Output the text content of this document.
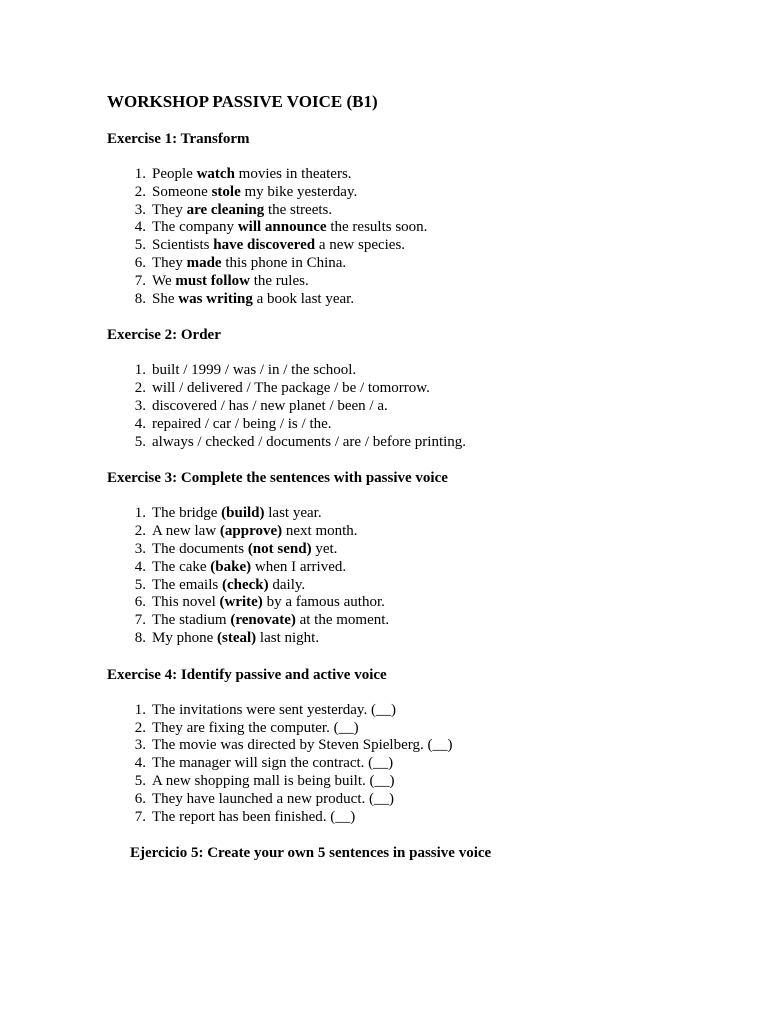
WORKSHOP PASSIVE VOICE (B1)
Exercise 1: Transform
1. People watch movies in theaters.
2. Someone stole my bike yesterday.
3. They are cleaning the streets.
4. The company will announce the results soon.
5. Scientists have discovered a new species.
6. They made this phone in China.
7. We must follow the rules.
8. She was writing a book last year.
Exercise 2: Order
1. built / 1999 / was / in / the school.
2. will / delivered / The package / be / tomorrow.
3. discovered / has / new planet / been / a.
4. repaired / car / being / is / the.
5. always / checked / documents / are / before printing.
Exercise 3: Complete the sentences with passive voice
1. The bridge (build) last year.
2. A new law (approve) next month.
3. The documents (not send) yet.
4. The cake (bake) when I arrived.
5. The emails (check) daily.
6. This novel (write) by a famous author.
7. The stadium (renovate) at the moment.
8. My phone (steal) last night.
Exercise 4: Identify passive and active voice
1. The invitations were sent yesterday. (__)
2. They are fixing the computer. (__)
3. The movie was directed by Steven Spielberg. (__)
4. The manager will sign the contract. (__)
5. A new shopping mall is being built. (__)
6. They have launched a new product. (__)
7. The report has been finished. (__)
Ejercicio 5: Create your own 5 sentences in passive voice
